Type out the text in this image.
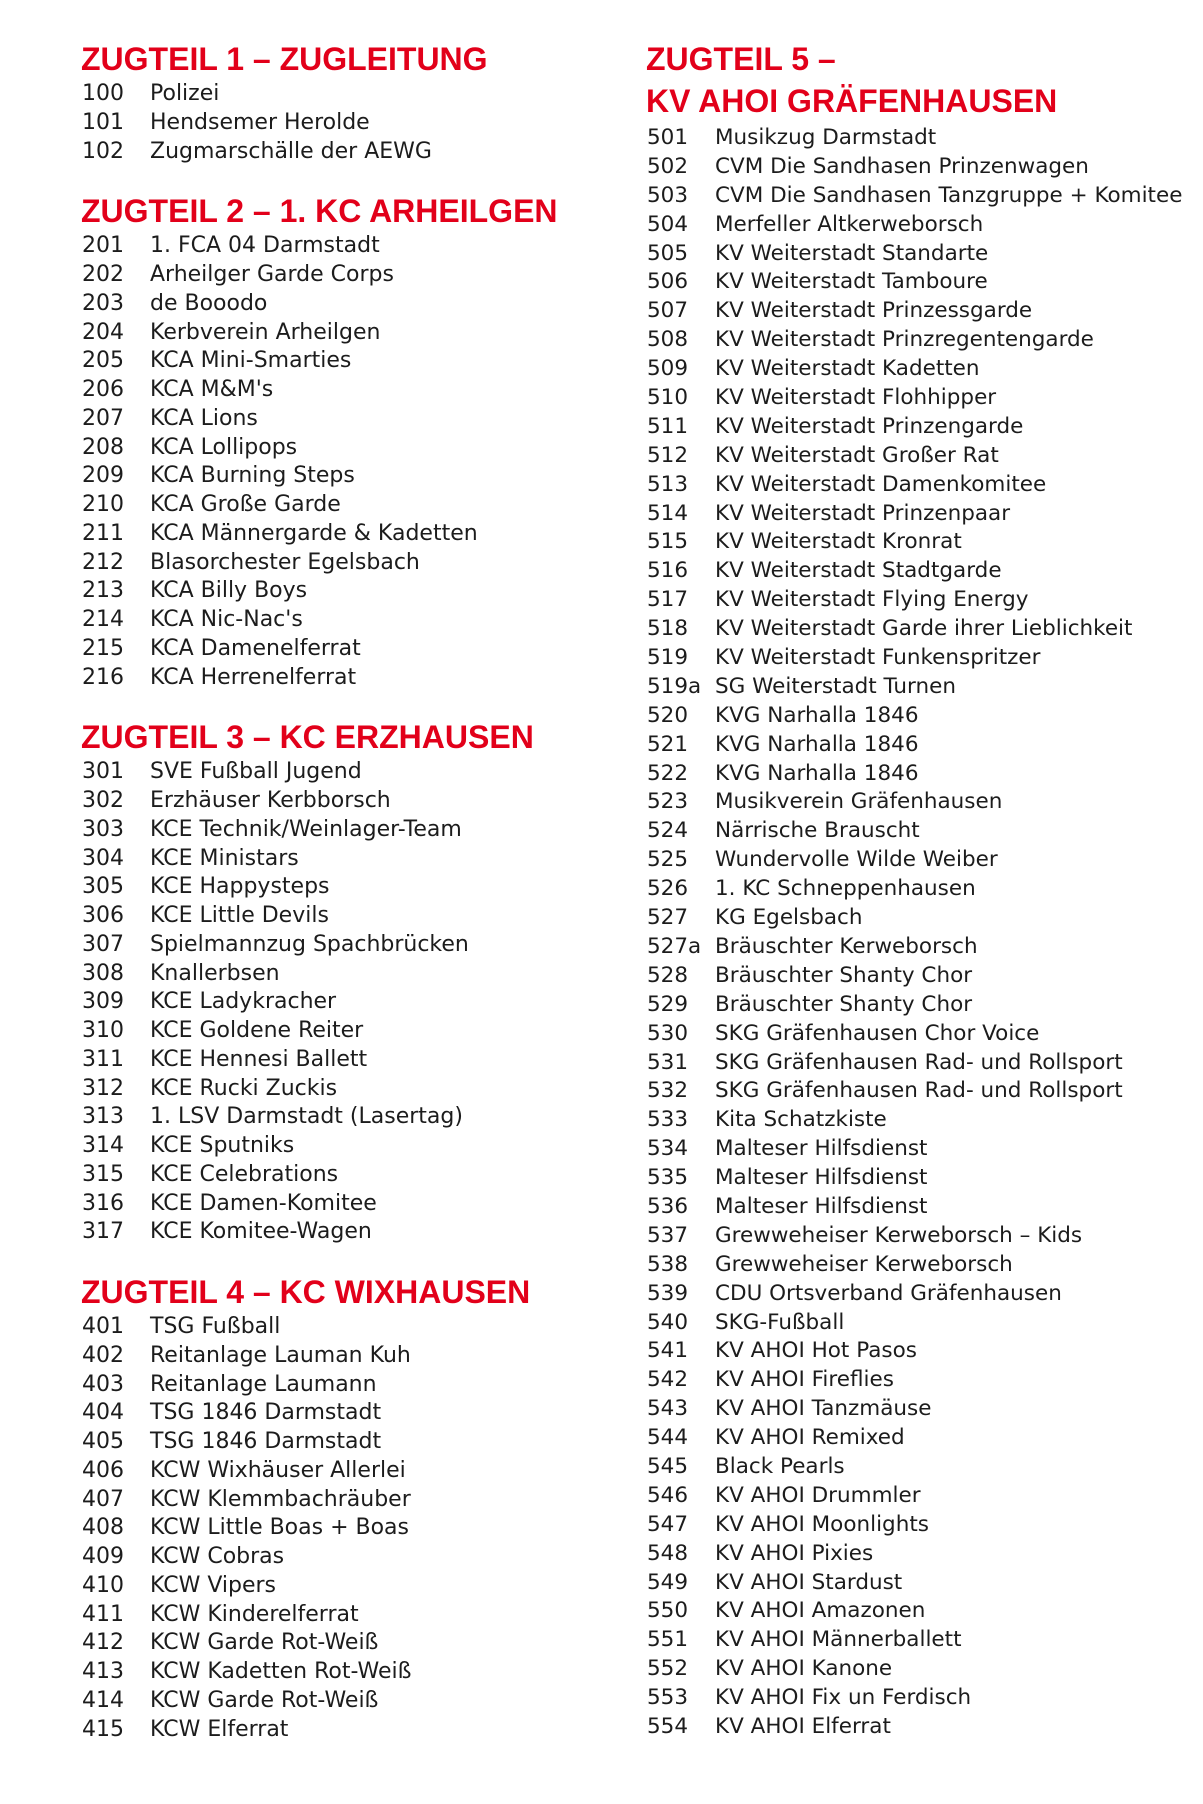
ZUGTEIL 1 – ZUGLEITUNG
100	Polizei
101	Hendsemer Herolde
102	Zugmarschälle der AEWG
ZUGTEIL 2 – 1. KC ARHEILGEN
201	1. FCA 04 Darmstadt
202	Arheilger Garde Corps
203	de Booodo
204	Kerbverein Arheilgen
205	KCA Mini-Smarties
206	KCA M&M's
207	KCA Lions
208	KCA Lollipops
209	KCA Burning Steps
210	KCA Große Garde
211	KCA Männergarde & Kadetten
212	Blasorchester Egelsbach
213	KCA Billy Boys
214	KCA Nic-Nac's
215	KCA Damenelferrat
216	KCA Herrenelferrat
ZUGTEIL 3 – KC ERZHAUSEN
301	SVE Fußball Jugend
302	Erzhäuser Kerbborsch
303	KCE Technik/Weinlager-Team
304	KCE Ministars
305	KCE Happysteps
306	KCE Little Devils
307	Spielmannzug Spachbrücken
308	Knallerbsen
309	KCE Ladykracher
310	KCE Goldene Reiter
311	KCE Hennesi Ballett
312	KCE Rucki Zuckis
313	1. LSV Darmstadt (Lasertag)
314	KCE Sputniks
315	KCE Celebrations
316	KCE Damen-Komitee
317	KCE Komitee-Wagen
ZUGTEIL 4 – KC WIXHAUSEN
401	TSG Fußball
402	Reitanlage Lauman Kuh
403	Reitanlage Laumann
404	TSG 1846 Darmstadt
405	TSG 1846 Darmstadt
406	KCW Wixhäuser Allerlei
407	KCW Klemmbachräuber
408	KCW Little Boas + Boas
409	KCW Cobras
410	KCW Vipers
411	KCW Kinderelferrat
412	KCW Garde Rot-Weiß
413	KCW Kadetten Rot-Weiß
414	KCW Garde Rot-Weiß
415	KCW Elferrat
ZUGTEIL 5 –
KV AHOI GRÄFENHAUSEN
501	Musikzug Darmstadt
502	CVM Die Sandhasen Prinzenwagen
503	CVM Die Sandhasen Tanzgruppe + Komitee
504	Merfeller Altkerweborsch
505	KV Weiterstadt Standarte
506	KV Weiterstadt Tamboure
507	KV Weiterstadt Prinzessgarde
508	KV Weiterstadt Prinzregentengarde
509	KV Weiterstadt Kadetten
510	KV Weiterstadt Flohhipper
511	KV Weiterstadt Prinzengarde
512	KV Weiterstadt Großer Rat
513	KV Weiterstadt Damenkomitee
514	KV Weiterstadt Prinzenpaar
515	KV Weiterstadt Kronrat
516	KV Weiterstadt Stadtgarde
517	KV Weiterstadt Flying Energy
518	KV Weiterstadt Garde ihrer Lieblichkeit
519	KV Weiterstadt Funkenspritzer
519a SG Weiterstadt Turnen
520	KVG Narhalla 1846
521	KVG Narhalla 1846
522	KVG Narhalla 1846
523	Musikverein Gräfenhausen
524	Närrische Brauscht
525	Wundervolle Wilde Weiber
526	1. KC Schneppenhausen
527	KG Egelsbach
527a Bräuschter Kerweborsch
528	Bräuschter Shanty Chor
529	Bräuschter Shanty Chor
530	SKG Gräfenhausen Chor Voice
531	SKG Gräfenhausen Rad- und Rollsport
532	SKG Gräfenhausen Rad- und Rollsport
533	Kita Schatzkiste
534	Malteser Hilfsdienst
535	Malteser Hilfsdienst
536	Malteser Hilfsdienst
537	Grewweheiser Kerweborsch – Kids
538	Grewweheiser Kerweborsch
539	CDU Ortsverband Gräfenhausen
540	SKG-Fußball
541	KV AHOI Hot Pasos
542	KV AHOI Fireflies
543	KV AHOI Tanzmäuse
544	KV AHOI Remixed
545	Black Pearls
546	KV AHOI Drummler
547	KV AHOI Moonlights
548	KV AHOI Pixies
549	KV AHOI Stardust
550	KV AHOI Amazonen
551	KV AHOI Männerballett
552	KV AHOI Kanone
553	KV AHOI Fix un Ferdisch
554	KV AHOI Elferrat
